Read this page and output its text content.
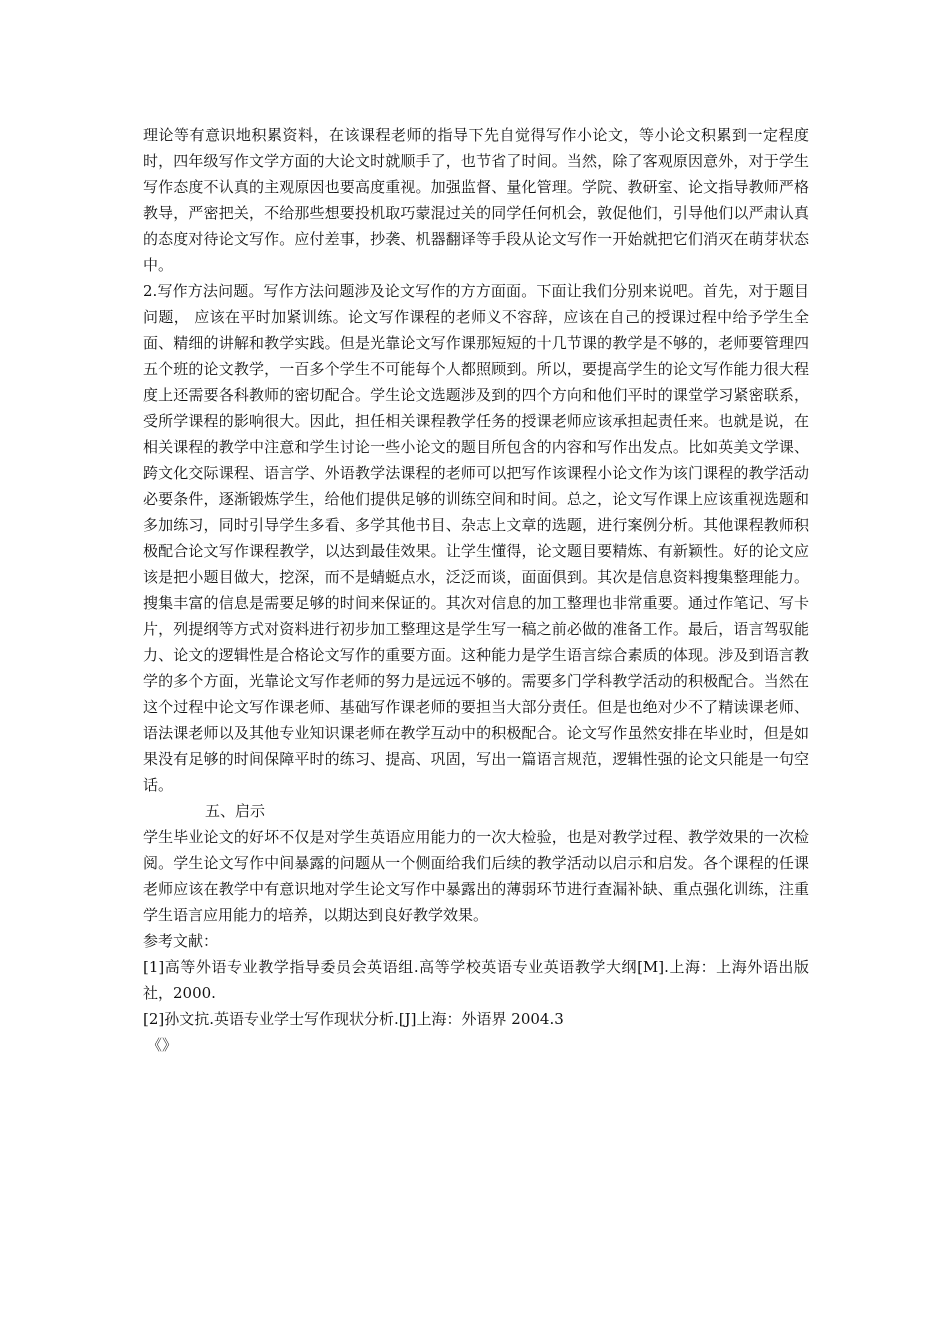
理论等有意识地积累资料，在该课程老师的指导下先自觉得写作小论文，等小论文积累到一定程度时，四年级写作文学方面的大论文时就顺手了，也节省了时间。当然，除了客观原因意外，对于学生写作态度不认真的主观原因也要高度重视。加强监督、量化管理。学院、教研室、论文指导教师严格教导，严密把关，不给那些想要投机取巧蒙混过关的同学任何机会，敦促他们，引导他们以严肃认真的态度对待论文写作。应付差事，抄袭、机器翻译等手段从论文写作一开始就把它们消灭在萌芽状态中。

2.写作方法问题。写作方法问题涉及论文写作的方方面面。下面让我们分别来说吧。首先，对于题目问题， 应该在平时加紧训练。论文写作课程的老师义不容辞，应该在自己的授课过程中给予学生全面、精细的讲解和教学实践。但是光靠论文写作课那短短的十几节课的教学是不够的，老师要管理四五个班的论文教学，一百多个学生不可能每个人都照顾到。所以，要提高学生的论文写作能力很大程度上还需要各科教师的密切配合。学生论文选题涉及到的四个方向和他们平时的课堂学习紧密联系，受所学课程的影响很大。因此，担任相关课程教学任务的授课老师应该承担起责任来。也就是说，在相关课程的教学中注意和学生讨论一些小论文的题目所包含的内容和写作出发点。比如英美文学课、跨文化交际课程、语言学、外语教学法课程的老师可以把写作该课程小论文作为该门课程的教学活动必要条件，逐渐锻炼学生，给他们提供足够的训练空间和时间。总之，论文写作课上应该重视选题和多加练习，同时引导学生多看、多学其他书目、杂志上文章的选题，进行案例分析。其他课程教师积极配合论文写作课程教学，以达到最佳效果。让学生懂得，论文题目要精炼、有新颖性。好的论文应该是把小题目做大，挖深，而不是蜻蜓点水，泛泛而谈，面面俱到。其次是信息资料搜集整理能力。搜集丰富的信息是需要足够的时间来保证的。其次对信息的加工整理也非常重要。通过作笔记、写卡片，列提纲等方式对资料进行初步加工整理这是学生写一稿之前必做的准备工作。最后，语言驾驭能力、论文的逻辑性是合格论文写作的重要方面。这种能力是学生语言综合素质的体现。涉及到语言教学的多个方面，光靠论文写作老师的努力是远远不够的。需要多门学科教学活动的积极配合。当然在这个过程中论文写作课老师、基础写作课老师的要担当大部分责任。但是也绝对少不了精读课老师、语法课老师以及其他专业知识课老师在教学互动中的积极配合。论文写作虽然安排在毕业时，但是如果没有足够的时间保障平时的练习、提高、巩固，写出一篇语言规范，逻辑性强的论文只能是一句空话。

五、启示

学生毕业论文的好坏不仅是对学生英语应用能力的一次大检验，也是对教学过程、教学效果的一次检阅。学生论文写作中间暴露的问题从一个侧面给我们后续的教学活动以启示和启发。各个课程的任课老师应该在教学中有意识地对学生论文写作中暴露出的薄弱环节进行查漏补缺、重点强化训练，注重学生语言应用能力的培养，以期达到良好教学效果。

参考文献：

[1]高等外语专业教学指导委员会英语组.高等学校英语专业英语教学大纲[M].上海：上海外语出版社，2000.

[2]孙文抗.英语专业学士写作现状分析.[J]上海：外语界 2004.3

《》
